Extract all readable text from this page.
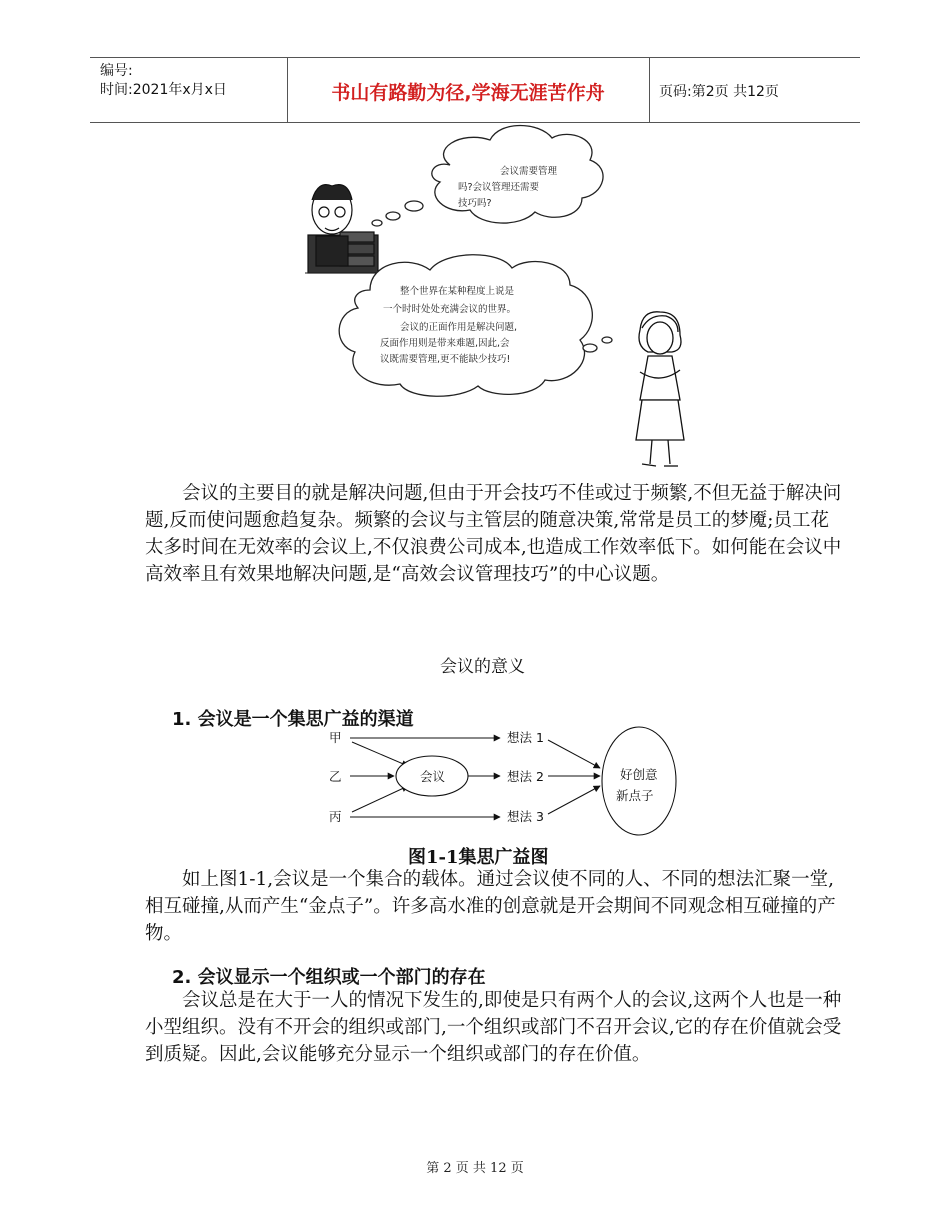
编号:
时间:2021年x月x日	书山有路勤为径,学海无涯苦作舟	页码:第2页 共12页
会议需要管理
吗?会议管理还需要
技巧吗?
整个世界在某种程度上说是
一个时时处处充满会议的世界。
会议的正面作用是解决问题,
反面作用则是带来难题,因此,会
议既需要管理,更不能缺少技巧!

会议的主要目的就是解决问题,但由于开会技巧不佳或过于频繁,不但无益于解决问题,反而使问题愈趋复杂。频繁的会议与主管层的随意决策,常常是员工的梦魇;员工花太多时间在无效率的会议上,不仅浪费公司成本,也造成工作效率低下。如何能在会议中高效率且有效果地解决问题,是“高效会议管理技巧”的中心议题。

会议的意义
1. 会议是一个集思广益的渠道
甲
乙
丙
会议
想法 1
想法 2
想法 3
好创意
新点子
图1-1集思广益图

如上图1-1,会议是一个集合的载体。通过会议使不同的人、不同的想法汇聚一堂,相互碰撞,从而产生“金点子”。许多高水准的创意就是开会期间不同观念相互碰撞的产物。

2. 会议显示一个组织或一个部门的存在

会议总是在大于一人的情况下发生的,即使是只有两个人的会议,这两个人也是一种小型组织。没有不开会的组织或部门,一个组织或部门不召开会议,它的存在价值就会受到质疑。因此,会议能够充分显示一个组织或部门的存在价值。

第 2 页 共 12 页
